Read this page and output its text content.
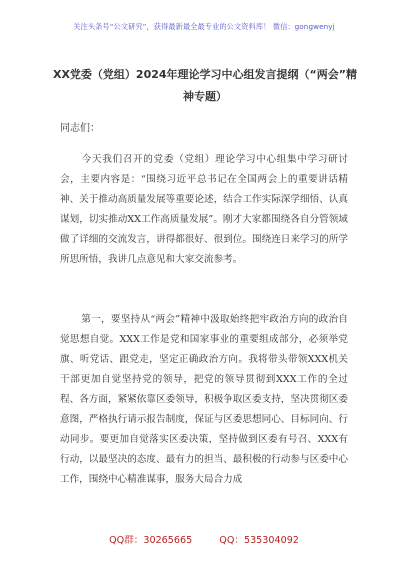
关注头条号“公文研究”，获得最新最全最专业的公文资料库！ 微信：gongwenyj
XX党委（党组）2024年理论学习中心组发言提纲（“两会”精神专题）
同志们：
今天我们召开的党委（党组）理论学习中心组集中学习研讨会，主要内容是：“围绕习近平总书记在全国两会上的重要讲话精神、关于推动高质量发展等重要论述，结合工作实际深学细悟、认真谋划，切实推动XX工作高质量发展”。刚才大家都围绕各自分管领域做了详细的交流发言，讲得都很好、很到位。围绕连日来学习的所学所思所悟，我讲几点意见和大家交流参考。
第一，要坚持从“两会”精神中汲取始终把牢政治方向的政治自觉思想自觉。XXX工作是党和国家事业的重要组成部分，必须举党旗、听党话、跟党走，坚定正确政治方向。我将带头带领XXX机关干部更加自觉坚持党的领导，把党的领导贯彻到XXX工作的全过程、各方面，紧紧依靠区委领导，积极争取区委支持，坚决贯彻区委意图，严格执行请示报告制度，保证与区委思想同心、目标同向、行动同步。要更加自觉落实区委决策，坚持做到区委有号召、XXX有行动，以最坚决的态度、最有力的担当、最积极的行动参与区委中心工作，围绕中心精准谋事，服务大局合力成
QQ群：30265665	QQ：535304092
